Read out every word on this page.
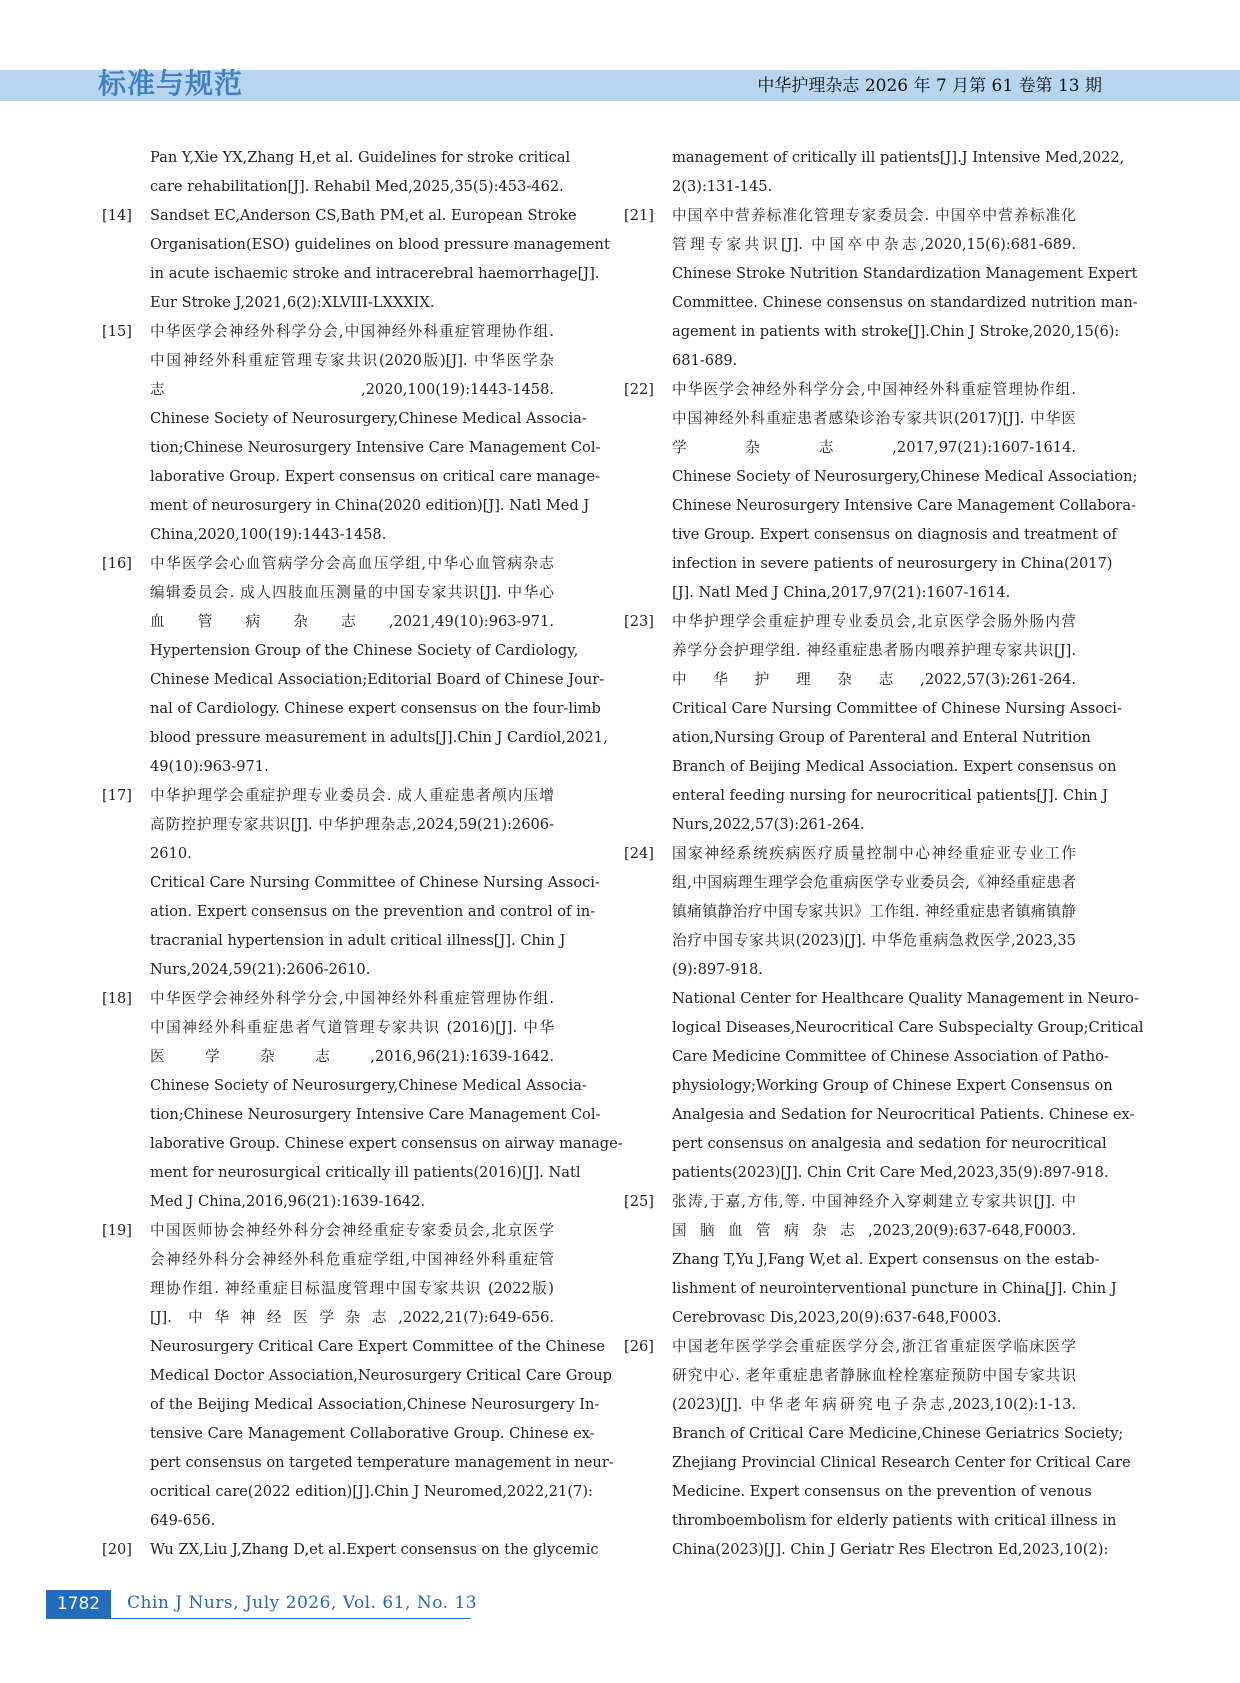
标准与规范	中华护理杂志 2026 年 7 月第 61 卷第 13 期
Pan Y,Xie YX,Zhang H,et al. Guidelines for stroke critical
care rehabilitation[J]. Rehabil Med,2025,35(5):453-462.
[14] Sandset EC,Anderson CS,Bath PM,et al. European Stroke
Organisation(ESO) guidelines on blood pressure management
in acute ischaemic stroke and intracerebral haemorrhage[J].
Eur Stroke J,2021,6(2):XLVIII-LXXXIX.
[15] 中华医学会神经外科学分会,中国神经外科重症管理协作组.
中国神经外科重症管理专家共识(2020版)[J]. 中华医学杂
志,2020,100(19):1443-1458.
Chinese Society of Neurosurgery,Chinese Medical Associa-
tion;Chinese Neurosurgery Intensive Care Management Col-
laborative Group. Expert consensus on critical care manage-
ment of neurosurgery in China(2020 edition)[J]. Natl Med J
China,2020,100(19):1443-1458.
[16] 中华医学会心血管病学分会高血压学组,中华心血管病杂志
编辑委员会. 成人四肢血压测量的中国专家共识[J]. 中华心
血管病杂志,2021,49(10):963-971.
Hypertension Group of the Chinese Society of Cardiology,
Chinese Medical Association;Editorial Board of Chinese Jour-
nal of Cardiology. Chinese expert consensus on the four-limb
blood pressure measurement in adults[J].Chin J Cardiol,2021,
49(10):963-971.
[17] 中华护理学会重症护理专业委员会. 成人重症患者颅内压增
高防控护理专家共识[J]. 中华护理杂志,2024,59(21):2606-
2610.
Critical Care Nursing Committee of Chinese Nursing Associ-
ation. Expert consensus on the prevention and control of in-
tracranial hypertension in adult critical illness[J]. Chin J
Nurs,2024,59(21):2606-2610.
[18] 中华医学会神经外科学分会,中国神经外科重症管理协作组.
中国神经外科重症患者气道管理专家共识 (2016)[J]. 中华
医学杂志,2016,96(21):1639-1642.
Chinese Society of Neurosurgery,Chinese Medical Associa-
tion;Chinese Neurosurgery Intensive Care Management Col-
laborative Group. Chinese expert consensus on airway manage-
ment for neurosurgical critically ill patients(2016)[J]. Natl
Med J China,2016,96(21):1639-1642.
[19] 中国医师协会神经外科分会神经重症专家委员会,北京医学
会神经外科分会神经外科危重症学组,中国神经外科重症管
理协作组. 神经重症目标温度管理中国专家共识 (2022版)
[J]. 中华神经医学杂志,2022,21(7):649-656.
Neurosurgery Critical Care Expert Committee of the Chinese
Medical Doctor Association,Neurosurgery Critical Care Group
of the Beijing Medical Association,Chinese Neurosurgery In-
tensive Care Management Collaborative Group. Chinese ex-
pert consensus on targeted temperature management in neur-
ocritical care(2022 edition)[J].Chin J Neuromed,2022,21(7):
649-656.
[20] Wu ZX,Liu J,Zhang D,et al.Expert consensus on the glycemic
management of critically ill patients[J].J Intensive Med,2022,
2(3):131-145.
[21] 中国卒中营养标准化管理专家委员会. 中国卒中营养标准化
管理专家共识[J]. 中国卒中杂志,2020,15(6):681-689.
Chinese Stroke Nutrition Standardization Management Expert
Committee. Chinese consensus on standardized nutrition man-
agement in patients with stroke[J].Chin J Stroke,2020,15(6):
681-689.
[22] 中华医学会神经外科学分会,中国神经外科重症管理协作组.
中国神经外科重症患者感染诊治专家共识(2017)[J]. 中华医
学杂志,2017,97(21):1607-1614.
Chinese Society of Neurosurgery,Chinese Medical Association;
Chinese Neurosurgery Intensive Care Management Collabora-
tive Group. Expert consensus on diagnosis and treatment of
infection in severe patients of neurosurgery in China(2017)
[J]. Natl Med J China,2017,97(21):1607-1614.
[23] 中华护理学会重症护理专业委员会,北京医学会肠外肠内营
养学分会护理学组. 神经重症患者肠内喂养护理专家共识[J].
中华护理杂志,2022,57(3):261-264.
Critical Care Nursing Committee of Chinese Nursing Associ-
ation,Nursing Group of Parenteral and Enteral Nutrition
Branch of Beijing Medical Association. Expert consensus on
enteral feeding nursing for neurocritical patients[J]. Chin J
Nurs,2022,57(3):261-264.
[24] 国家神经系统疾病医疗质量控制中心神经重症亚专业工作
组,中国病理生理学会危重病医学专业委员会,《神经重症患者
镇痛镇静治疗中国专家共识》工作组. 神经重症患者镇痛镇静
治疗中国专家共识(2023)[J]. 中华危重病急救医学,2023,35
(9):897-918.
National Center for Healthcare Quality Management in Neuro-
logical Diseases,Neurocritical Care Subspecialty Group;Critical
Care Medicine Committee of Chinese Association of Patho-
physiology;Working Group of Chinese Expert Consensus on
Analgesia and Sedation for Neurocritical Patients. Chinese ex-
pert consensus on analgesia and sedation for neurocritical
patients(2023)[J]. Chin Crit Care Med,2023,35(9):897-918.
[25] 张涛,于嘉,方伟,等. 中国神经介入穿刺建立专家共识[J]. 中
国脑血管病杂志,2023,20(9):637-648,F0003.
Zhang T,Yu J,Fang W,et al. Expert consensus on the estab-
lishment of neurointerventional puncture in China[J]. Chin J
Cerebrovasc Dis,2023,20(9):637-648,F0003.
[26] 中国老年医学学会重症医学分会,浙江省重症医学临床医学
研究中心. 老年重症患者静脉血栓栓塞症预防中国专家共识
(2023)[J]. 中华老年病研究电子杂志,2023,10(2):1-13.
Branch of Critical Care Medicine,Chinese Geriatrics Society;
Zhejiang Provincial Clinical Research Center for Critical Care
Medicine. Expert consensus on the prevention of venous
thromboembolism for elderly patients with critical illness in
China(2023)[J]. Chin J Geriatr Res Electron Ed,2023,10(2):
1782	Chin J Nurs, July 2026, Vol. 61, No. 13
